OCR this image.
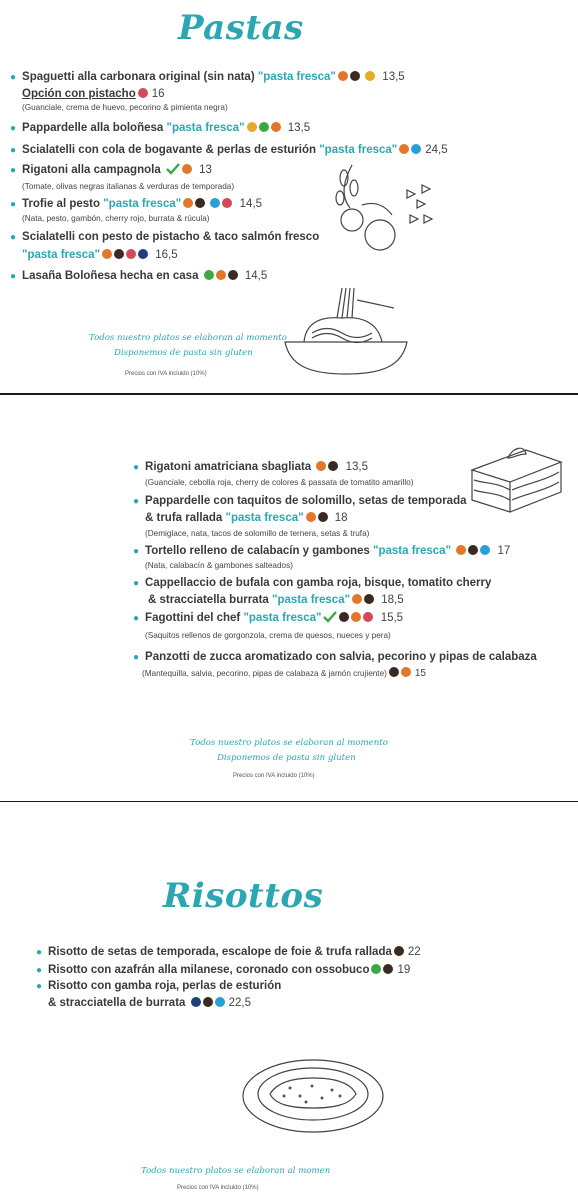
Pastas
● Spaguetti alla carbonara original (sin nata) "pasta fresca"	13,5
Opción con pistacho 16
(Guanciale, crema de huevo, pecorino & pimienta negra)
● Pappardelle alla boloñesa "pasta fresca"	13,5
● Scialatelli con cola de bogavante & perlas de esturión "pasta fresca" 24,5
● Rigatoni alla campagnola	13
(Tomate, olivas negras italianas & verduras de temporada)
● Trofie al pesto "pasta fresca"	14,5
(Nata, pesto, gambón, cherry rojo, burrata & rúcula)
● Scialatelli con pesto de pistacho & taco salmón fresco
"pasta fresca"	16,5
● Lasaña Boloñesa hecha en casa	14,5
Todos nuestro platos se elaboran al momento
Disponemos de pasta sin gluten
Precios con IVA incluido (10%)
● Rigatoni amatriciana sbagliata	13,5
(Guanciale, cebolla roja, cherry de colores & passata de tomatito amarillo)
● Pappardelle con taquitos de solomillo, setas de temporada
& trufa rallada "pasta fresca"	18
(Demiglace, nata, tacos de solomillo de ternera, setas & trufa)
● Tortello relleno de calabacín y gambones "pasta fresca"	17
(Nata, calabacín & gambones salteados)
● Cappellaccio de bufala con gamba roja, bisque, tomatito cherry
& stracciatella burrata "pasta fresca"	18,5
● Fagottini del chef "pasta fresca"	15,5
(Saquitos rellenos de gorgonzola, crema de quesos, nueces y pera)
● Panzotti de zucca aromatizado con salvia, pecorino y pipas de calabaza
(Mantequilla, salvia, pecorino, pipas de calabaza & jamón crujiente)	15
Todos nuestro platos se elaboran al momento
Disponemos de pasta sin gluten
Precios con IVA incluido (10%)
Risottos
● Risotto de setas de temporada, escalope de foie & trufa rallada 22
● Risotto con azafrán alla milanese, coronado con ossobuco 19
● Risotto con gamba roja, perlas de esturión
& stracciatella de burrata	22,5
Todos nuestro platos se elaboran al momen
Precios con IVA incluido (10%)
